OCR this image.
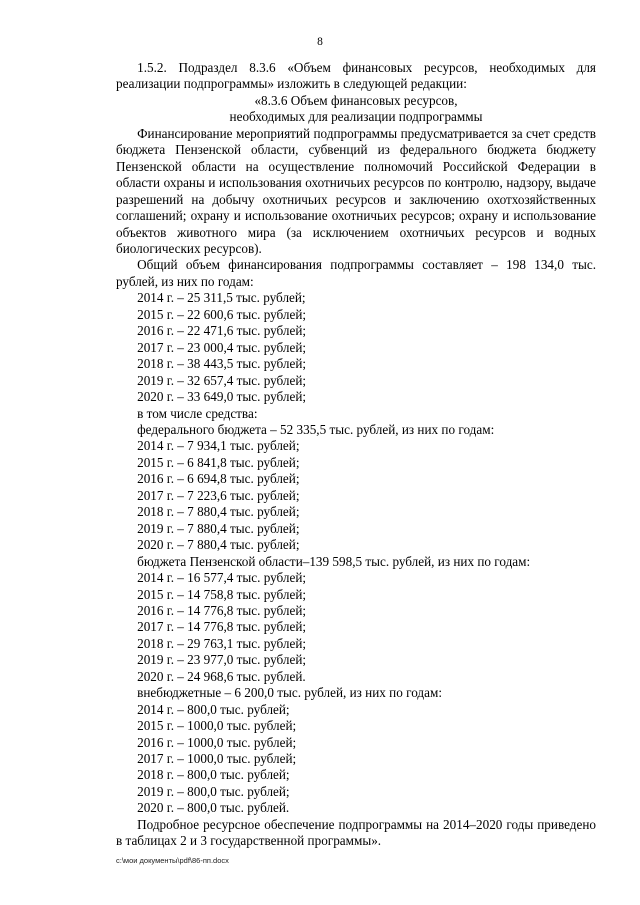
8

1.5.2. Подраздел 8.3.6 «Объем финансовых ресурсов, необходимых для реализации подпрограммы» изложить в следующей редакции:

«8.3.6 Объем финансовых ресурсов,

необходимых для реализации подпрограммы

Финансирование мероприятий подпрограммы предусматривается за счет средств бюджета Пензенской области, субвенций из федерального бюджета бюджету Пензенской области на осуществление полномочий Российской Федерации в области охраны и использования охотничьих ресурсов по контролю, надзору, выдаче разрешений на добычу охотничьих ресурсов и заключению охотхозяйственных соглашений; охрану и использование охотничьих ресурсов; охрану и использование объектов животного мира (за исключением охотничьих ресурсов и водных биологических ресурсов).

Общий объем финансирования подпрограммы составляет – 198 134,0 тыс. рублей, из них по годам:

2014 г. – 25 311,5 тыс. рублей;

2015 г. – 22 600,6 тыс. рублей;

2016 г. – 22 471,6 тыс. рублей;

2017 г. – 23 000,4 тыс. рублей;

2018 г. – 38 443,5 тыс. рублей;

2019 г. – 32 657,4 тыс. рублей;

2020 г. – 33 649,0 тыс. рублей;

в том числе средства:

федерального бюджета – 52 335,5 тыс. рублей, из них по годам:

2014 г. – 7 934,1 тыс. рублей;

2015 г. – 6 841,8 тыс. рублей;

2016 г. – 6 694,8 тыс. рублей;

2017 г. – 7 223,6 тыс. рублей;

2018 г. – 7 880,4 тыс. рублей;

2019 г. – 7 880,4 тыс. рублей;

2020 г. – 7 880,4 тыс. рублей;

бюджета Пензенской области–139 598,5 тыс. рублей, из них по годам:

2014 г. – 16 577,4 тыс. рублей;

2015 г. – 14 758,8 тыс. рублей;

2016 г. – 14 776,8 тыс. рублей;

2017 г. – 14 776,8 тыс. рублей;

2018 г. – 29 763,1 тыс. рублей;

2019 г. – 23 977,0 тыс. рублей;

2020 г. – 24 968,6 тыс. рублей.

внебюджетные – 6 200,0 тыс. рублей, из них по годам:

2014 г. – 800,0 тыс. рублей;

2015 г. – 1000,0 тыс. рублей;

2016 г. – 1000,0 тыс. рублей;

2017 г. – 1000,0 тыс. рублей;

2018 г. – 800,0 тыс. рублей;

2019 г. – 800,0 тыс. рублей;

2020 г. – 800,0 тыс. рублей.

Подробное ресурсное обеспечение подпрограммы на 2014–2020 годы приведено в таблицах 2 и 3 государственной программы».

c:\мои документы\pdf\86-пп.docx
